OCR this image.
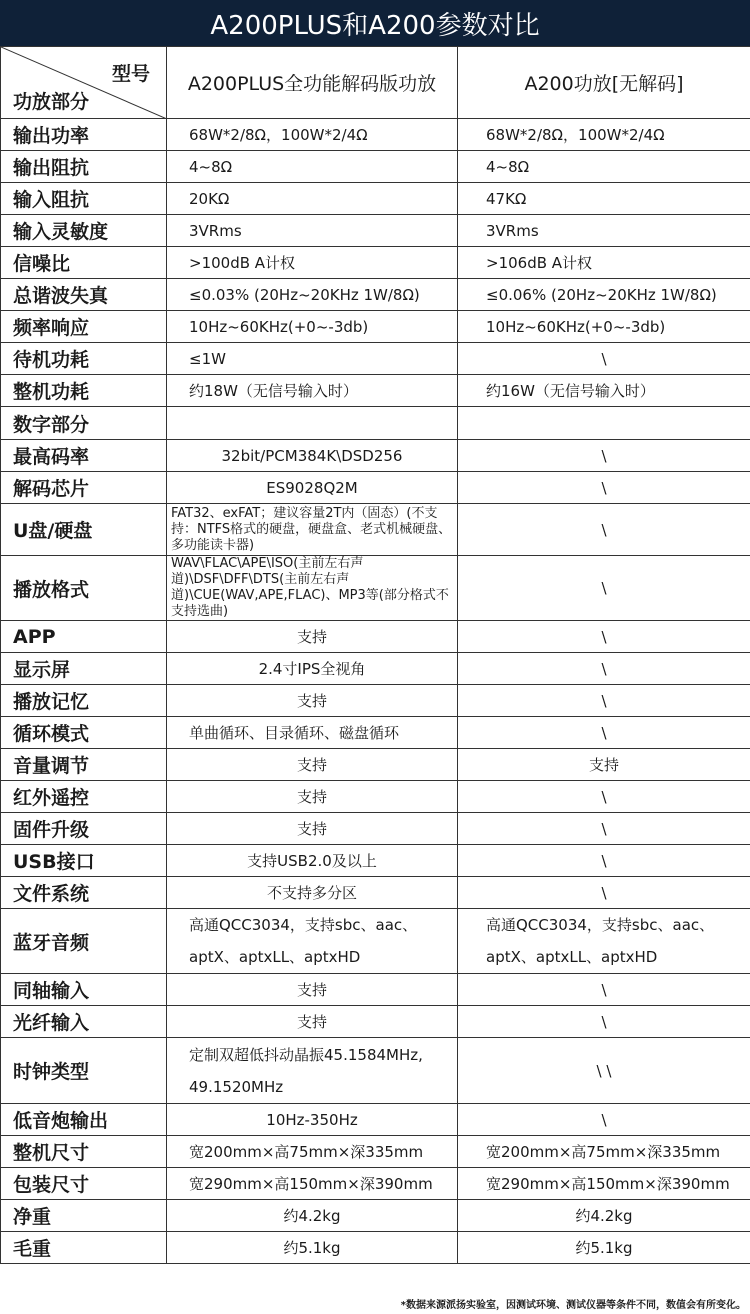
A200PLUS和A200参数对比
型号
功放部分	A200PLUS全功能解码版功放	A200功放[无解码]
输出功率	68W*2/8Ω，100W*2/4Ω	68W*2/8Ω，100W*2/4Ω
输出阻抗	4~8Ω	4~8Ω
输入阻抗	20KΩ	47KΩ
输入灵敏度	3VRms	3VRms
信噪比	>100dB A计权	>106dB A计权
总谐波失真	≤0.03% (20Hz~20KHz 1W/8Ω)	≤0.06% (20Hz~20KHz 1W/8Ω)
频率响应	10Hz~60KHz(+0~-3db)	10Hz~60KHz(+0~-3db)
待机功耗	≤1W	\
整机功耗	约18W（无信号输入时）	约16W（无信号输入时）
数字部分		
最高码率	32bit/PCM384K\DSD256	\
解码芯片	ES9028Q2M	\
U盘/硬盘	FAT32、exFAT；建议容量2T内（固态）(不支持：NTFS格式的硬盘，硬盘盒、老式机械硬盘、多功能读卡器)	\
播放格式	WAV\FLAC\APE\ISO(主前左右声道)\DSF\DFF\DTS(主前左右声道)\CUE(WAV,APE,FLAC)、MP3等(部分格式不支持选曲)	\
APP	支持	\
显示屏	2.4寸IPS全视角	\
播放记忆	支持	\
循环模式	单曲循环、目录循环、磁盘循环	\
音量调节	支持	支持
红外遥控	支持	\
固件升级	支持	\
USB接口	支持USB2.0及以上	\
文件系统	不支持多分区	\
蓝牙音频	高通QCC3034，支持sbc、aac、aptX、aptxLL、aptxHD	高通QCC3034，支持sbc、aac、aptX、aptxLL、aptxHD
同轴输入	支持	\
光纤输入	支持	\
时钟类型	定制双超低抖动晶振45.1584MHz, 49.1520MHz	\ \
低音炮输出	10Hz-350Hz	\
整机尺寸	宽200mm×高75mm×深335mm	宽200mm×高75mm×深335mm
包装尺寸	宽290mm×高150mm×深390mm	宽290mm×高150mm×深390mm
净重	约4.2kg	约4.2kg
毛重	约5.1kg	约5.1kg
*数据来源派扬实验室，因测试环境、测试仪器等条件不同，数值会有所变化。
